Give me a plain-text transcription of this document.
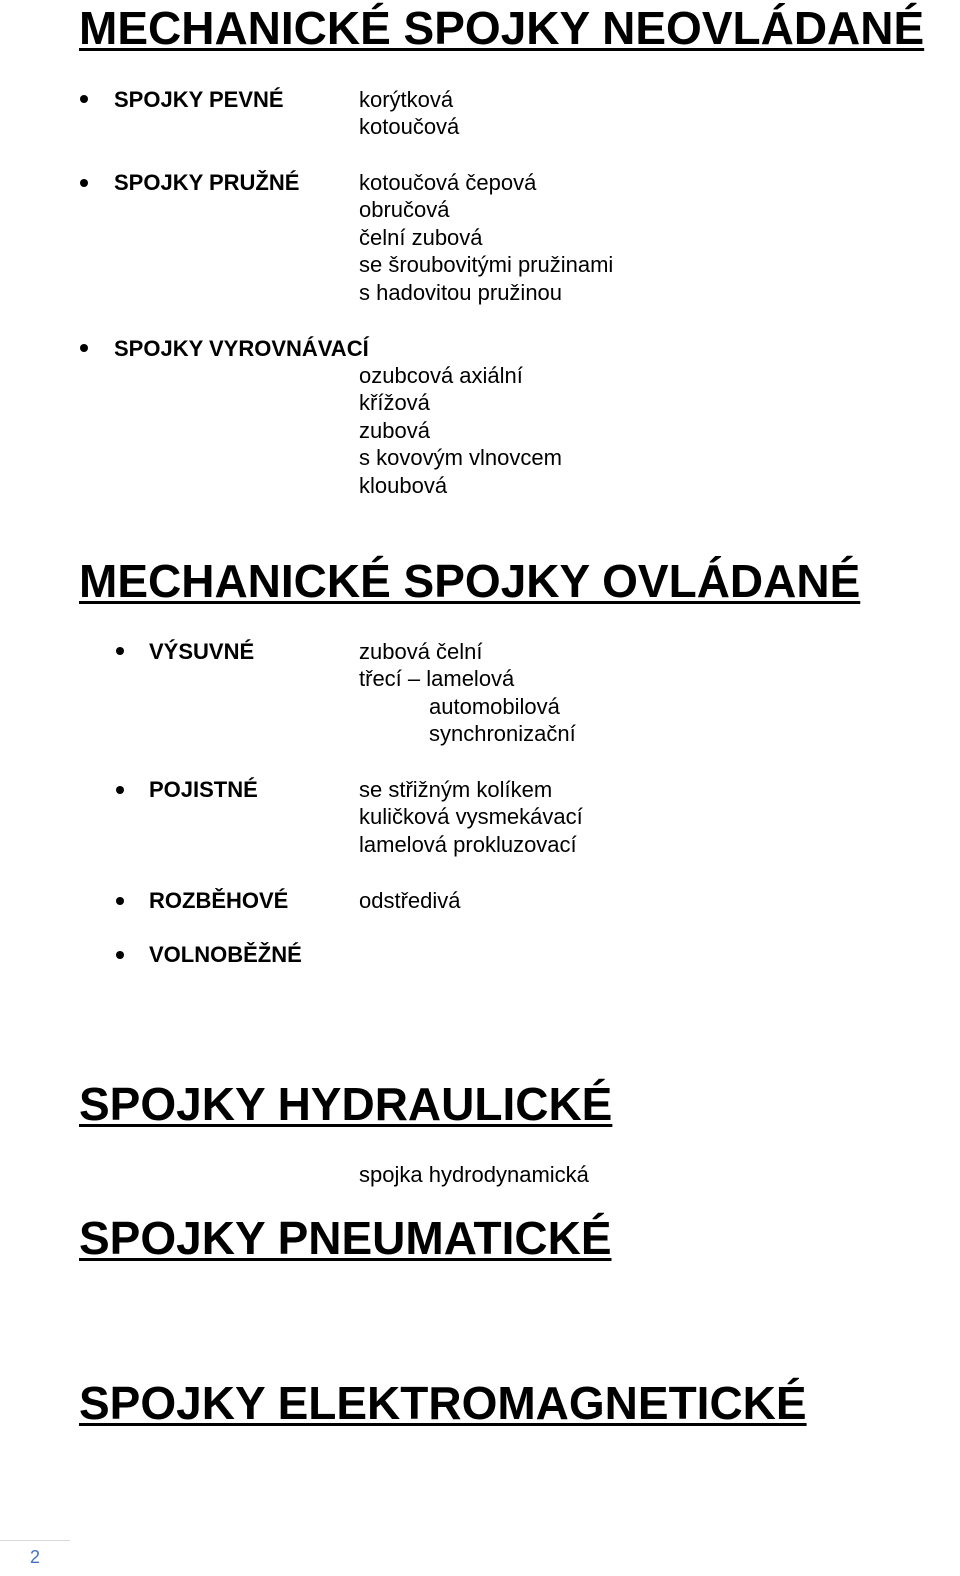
MECHANICKÉ SPOJKY NEOVLÁDANÉ
SPOJKY PEVNÉ	korýtková
kotoučová
SPOJKY PRUŽNÉ	kotoučová čepová
obručová
čelní zubová
se šroubovitými pružinami
s hadovitou pružinou
SPOJKY VYROVNÁVACÍ
ozubcová axiální
křížová
zubová
s kovovým vlnovcem
kloubová
MECHANICKÉ SPOJKY OVLÁDANÉ
VÝSUVNÉ	zubová čelní
třecí – lamelová
automobilová
synchronizační
POJISTNÉ	se střižným kolíkem
kuličková vysmekávací
lamelová prokluzovací
ROZBĚHOVÉ	odstředivá
VOLNOBĚŽNÉ
SPOJKY HYDRAULICKÉ
spojka hydrodynamická
SPOJKY PNEUMATICKÉ
SPOJKY ELEKTROMAGNETICKÉ
2
